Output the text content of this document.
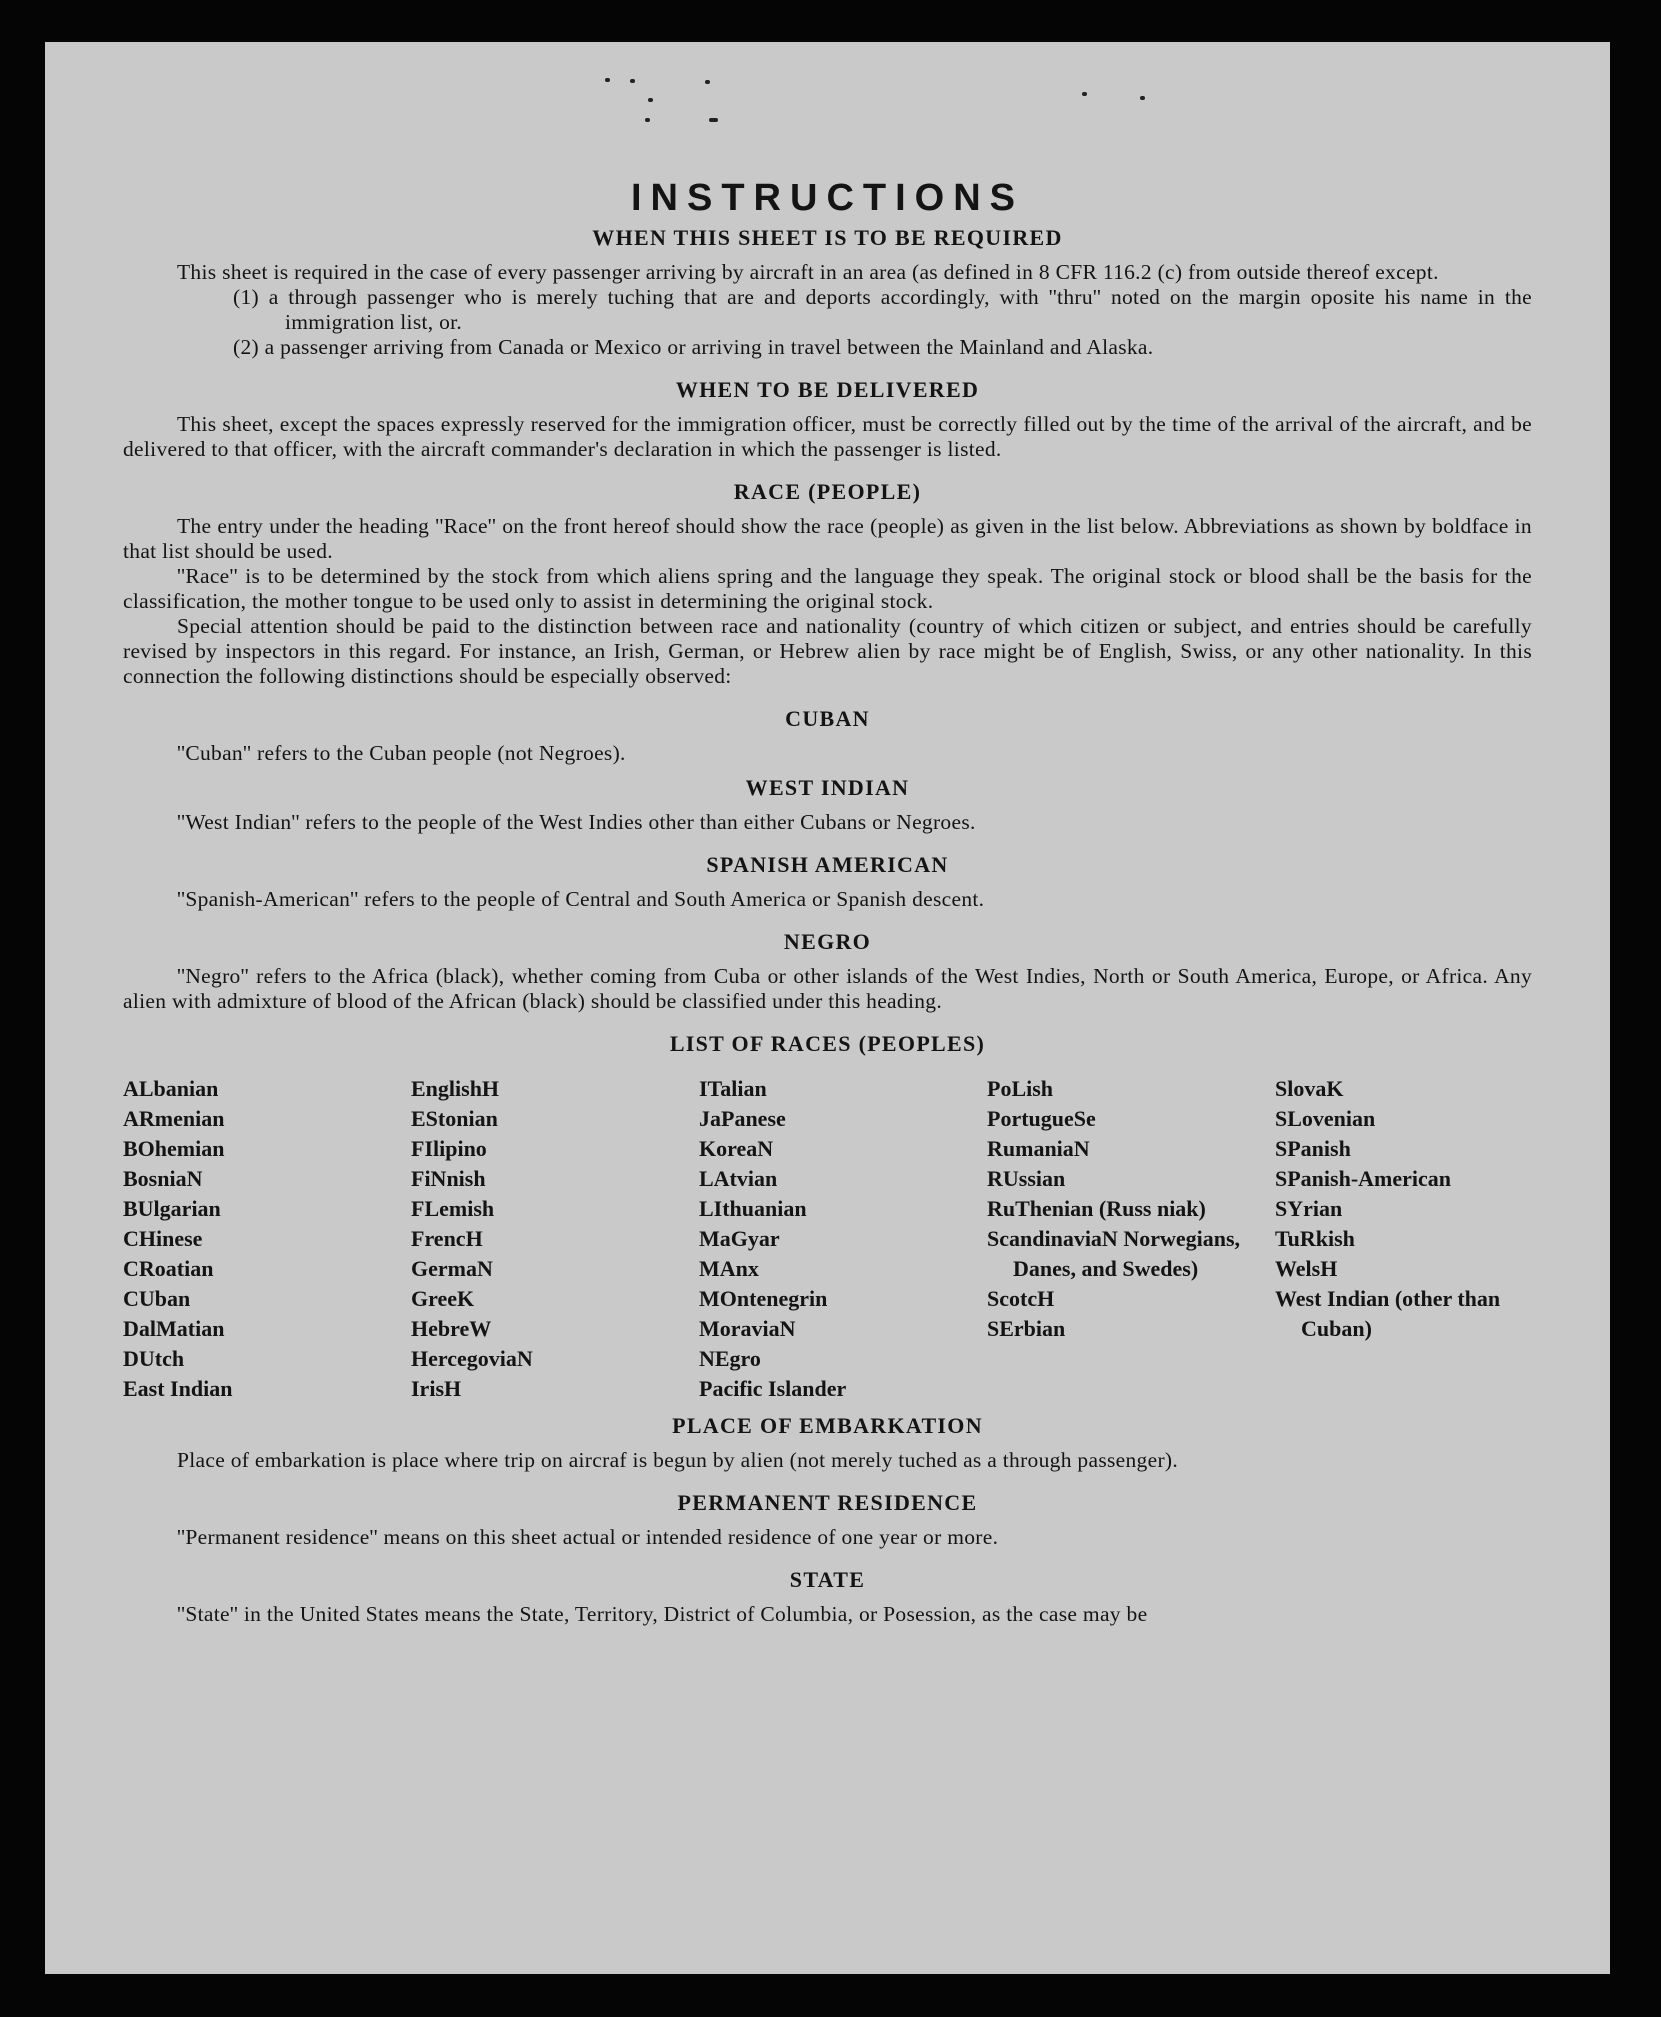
INSTRUCTIONS
WHEN THIS SHEET IS TO BE REQUIRED

This sheet is required in the case of every passenger arriving by aircraft in an area (as defined in 8 CFR 116.2 (c) from outside thereof except.

(1) a through passenger who is merely tuching that are and deports accordingly, with ''thru'' noted on the margin oposite his name in the immigration list, or.

(2) a passenger arriving from Canada or Mexico or arriving in travel between the Mainland and Alaska.

WHEN TO BE DELIVERED

This sheet, except the spaces expressly reserved for the immigration officer, must be correctly filled out by the time of the arrival of the aircraft, and be delivered to that officer, with the aircraft commander's declaration in which the passenger is listed.

RACE (PEOPLE)

The entry under the heading ''Race'' on the front hereof should show the race (people) as given in the list below. Abbreviations as shown by boldface in that list should be used.

''Race'' is to be determined by the stock from which aliens spring and the language they speak. The original stock or blood shall be the basis for the classification, the mother tongue to be used only to assist in determining the original stock.

Special attention should be paid to the distinction between race and nationality (country of which citizen or subject, and entries should be carefully revised by inspectors in this regard. For instance, an Irish, German, or Hebrew alien by race might be of English, Swiss, or any other nationality. In this connection the following distinctions should be especially observed:

CUBAN

''Cuban'' refers to the Cuban people (not Negroes).

WEST INDIAN

''West Indian'' refers to the people of the West Indies other than either Cubans or Negroes.

SPANISH AMERICAN

''Spanish-American'' refers to the people of Central and South America or Spanish descent.

NEGRO

''Negro'' refers to the Africa (black), whether coming from Cuba or other islands of the West Indies, North or South America, Europe, or Africa. Any alien with admixture of blood of the African (black) should be classified under this heading.

LIST OF RACES (PEOPLES)
ALbanian
ARmenian
BOhemian
BosniaN
BUlgarian
CHinese
CRoatian
CUban
DalMatian
DUtch
East Indian
EnglishH
EStonian
FIlipino
FiNnish
FLemish
FrencH
GermaN
GreeK
HebreW
HercegoviaN
IrisH
ITalian
JaPanese
KoreaN
LAtvian
LIthuanian
MaGyar
MAnx
MOntenegrin
MoraviaN
NEgro
Pacific Islander
PoLish
PortugueSe
RumaniaN
RUssian
RuThenian (Russ niak)
ScandinaviaN Norwegians, Danes, and Swedes)
ScotcH
SErbian
SlovaK
SLovenian
SPanish
SPanish-American
SYrian
TuRkish
WelsH
West Indian (other than Cuban)
PLACE OF EMBARKATION

Place of embarkation is place where trip on aircraf is begun by alien (not merely tuched as a through passenger).

PERMANENT RESIDENCE

''Permanent residence'' means on this sheet actual or intended residence of one year or more.

STATE

''State'' in the United States means the State, Territory, District of Columbia, or Posession, as the case may be
